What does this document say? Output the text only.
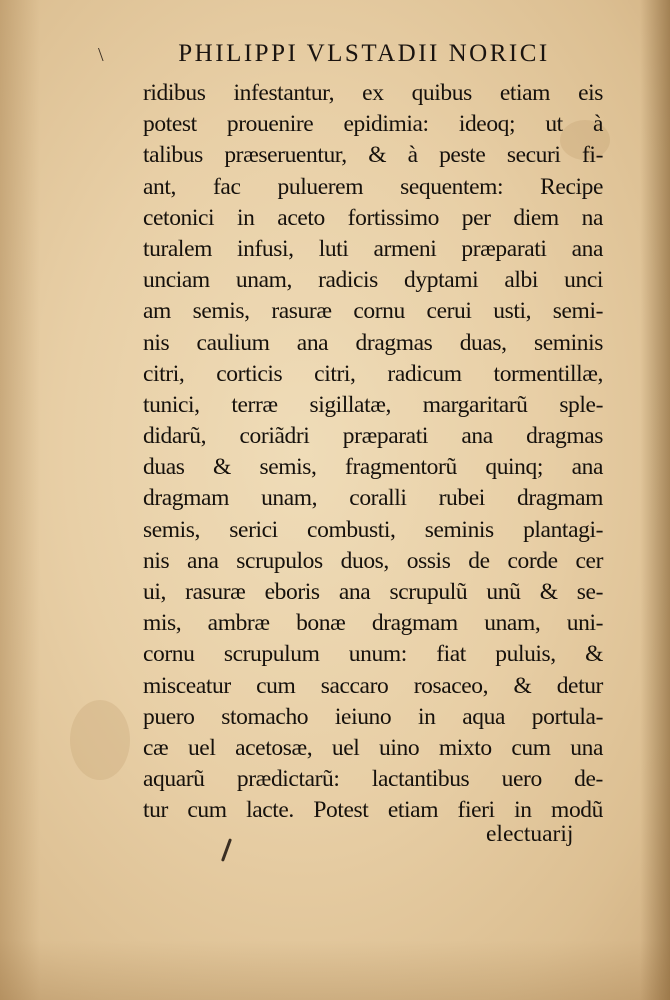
\	PHILIPPI VLSTADII NORICI
ridibus infestantur, ex quibus etiam eis
potest prouenire epidimia: ideoq; ut à
talibus præseruentur, & à peste securi fi-
ant, fac puluerem sequentem: Recipe
cetonici in aceto fortissimo per diem na
turalem infusi, luti armeni præparati ana
unciam unam, radicis dyptami albi unci
am semis, rasuræ cornu cerui usti, semi-
nis caulium ana dragmas duas, seminis
citri, corticis citri, radicum tormentillæ,
tunici, terræ sigillatæ, margaritarũ sple-
didarũ, coriãdri præparati ana dragmas
duas & semis, fragmentorũ quinq; ana
dragmam unam, coralli rubei dragmam
semis, serici combusti, seminis plantagi-
nis ana scrupulos duos, ossis de corde cer
ui, rasuræ eboris ana scrupulũ unũ & se-
mis, ambræ bonæ dragmam unam, uni-
cornu scrupulum unum: fiat puluis, &
misceatur cum saccaro rosaceo, & detur
puero stomacho ieiuno in aqua portula-
cæ uel acetosæ, uel uino mixto cum una
aquarũ prædictarũ: lactantibus uero de-
tur cum lacte. Potest etiam fieri in modũ
electuarij
